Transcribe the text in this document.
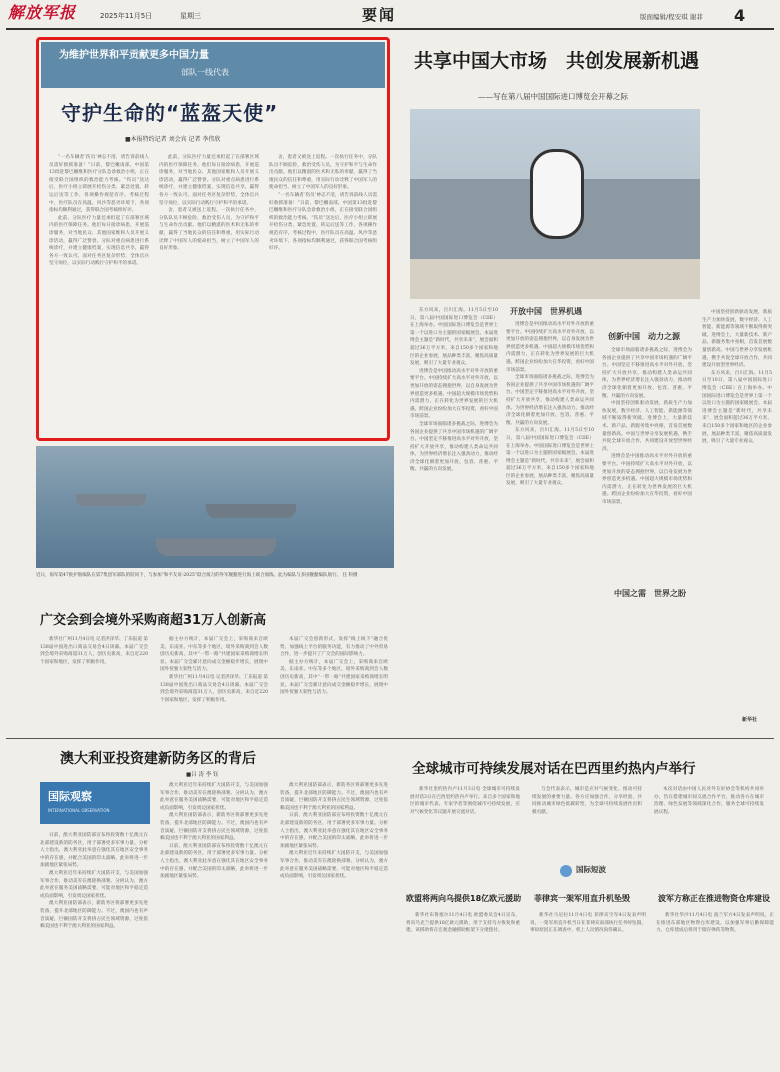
解放军报	2025年11月5日	星期三	要闻	版面编辑/程安琪 谢菲 4
为维护世界和平贡献更多中国力量
部队一线代表
守护生命的“蓝盔天使”
■本报特约记者 刘会宾 记者 李伟欣

“一名车辆者‘伤员’神志不清，请告诉前线人员需好救援准备！”日前，黎巴嫩南部，中国第13批赴黎巴嫩维和医疗分队急诊救治小组，正在接受联合国组织的救治能力考核。“伤员”送达后，医疗小组立即展开检伤分类、紧急处置、转运后送等工作，各项操作规范有序。考核过程中，医疗队员在高温、风沙等恶劣环境下，各项指标均顺利通过，获得联合国考核组好评。

此前，分队医疗力量还承担起了在部署区域内的医疗保障任务。他们每日接诊病患，开展巡诊服务，对当地民众、其他国家维和人员开展义诊活动，赢得广泛赞誉。分队对重点病患进行系统诊疗，并建立健康档案，实现信息共享，赢得各方一致认可。面对任务区复杂形势，全体官兵坚守岗位，以实际行动践行守护和平的承诺。

此前，分队医疗力量还承担起了在部署区域内的医疗保障任务。他们每日接诊病患，开展巡诊服务，对当地民众、其他国家维和人员开展义诊活动，赢得广泛赞誉。分队对重点病患进行系统诊疗，并建立健康档案，实现信息共享，赢得各方一致认可。面对任务区复杂形势，全体官兵坚守岗位，以实际行动践行守护和平的承诺。

舍，患者又被送上返程。一次执行任务中，分队队员不顾危险，救治受伤人员，为守护和平与生命作出贡献。他们以精湛的医术和无私的奉献，赢得了当地民众的信任和尊重，用实际行动诠释了中国军人的使命担当，树立了中国军人的良好形象。

舍，患者又被送上返程。一次执行任务中，分队队员不顾危险，救治受伤人员，为守护和平与生命作出贡献。他们以精湛的医术和无私的奉献，赢得了当地民众的信任和尊重，用实际行动诠释了中国军人的使命担当，树立了中国军人的良好形象。

“一名车辆者‘伤员’神志不清，请告诉前线人员需好救援准备！”日前，黎巴嫩南部，中国第13批赴黎巴嫩维和医疗分队急诊救治小组，正在接受联合国组织的救治能力考核。“伤员”送达后，医疗小组立即展开检伤分类、紧急处置、转运后送等工作，各项操作规范有序。考核过程中，医疗队员在高温、风沙等恶劣环境下，各项指标均顺利通过，获得联合国考核组好评。

共享中国大市场　共创发展新机遇
——写在第八届中国国际进口博览会开幕之际

东方风来，百川汇海。11月5日至10日，第八届中国国际进口博览会（CIIE）在上海举办。中国国际进口博览会是世界上第一个以进口为主题的国家级展会。本届进博会主题是“新时代，共享未来”，展会面积超过36万平方米，来自150多个国家和地区的企业参展，展品种类丰富，聚焦高质量发展，吸引了大量专业观众。

进博会是中国推动高水平对外开放的重要平台。中国持续扩大高水平对外开放，以更加开放的姿态拥抱世界，以自身发展为世界创造更多机遇。中国超大规模市场优势和内需潜力，正在转化为世界发展的巨大机遇。跨国企业纷纷加大在华投资，看好中国市场前景。

全球市场面临诸多挑战之际，进博会为各国企业提供了共享中国市场机遇的广阔平台。中国坚定不移推进高水平对外开放，坚持扩大开放共享，推动构建人类命运共同体，为世界经济增长注入强劲动力，推动经济全球化朝着更加开放、包容、普惠、平衡、共赢的方向发展。

开放中国　世界机遇

进博会是中国推动高水平对外开放的重要平台。中国持续扩大高水平对外开放，以更加开放的姿态拥抱世界，以自身发展为世界创造更多机遇。中国超大规模市场优势和内需潜力，正在转化为世界发展的巨大机遇。跨国企业纷纷加大在华投资，看好中国市场前景。

全球市场面临诸多挑战之际，进博会为各国企业提供了共享中国市场机遇的广阔平台。中国坚定不移推进高水平对外开放，坚持扩大开放共享，推动构建人类命运共同体，为世界经济增长注入强劲动力，推动经济全球化朝着更加开放、包容、普惠、平衡、共赢的方向发展。

东方风来，百川汇海。11月5日至10日，第八届中国国际进口博览会（CIIE）在上海举办。中国国际进口博览会是世界上第一个以进口为主题的国家级展会。本届进博会主题是“新时代，共享未来”，展会面积超过36万平方米，来自150多个国家和地区的企业参展，展品种类丰富，聚焦高质量发展，吸引了大量专业观众。

创新中国　动力之源

全球市场面临诸多挑战之际，进博会为各国企业提供了共享中国市场机遇的广阔平台。中国坚定不移推进高水平对外开放，坚持扩大开放共享，推动构建人类命运共同体，为世界经济增长注入强劲动力，推动经济全球化朝着更加开放、包容、普惠、平衡、共赢的方向发展。

中国坚持创新驱动发展，新质生产力加快发展，数字经济、人工智能、新能源等领域不断取得新突破。进博会上，大量新技术、新产品、新服务集中亮相，首发首展数量创新高。中国与世界分享发展机遇，携手共促全球开放合作，共同建设开放型世界经济。

进博会是中国推动高水平对外开放的重要平台。中国持续扩大高水平对外开放，以更加开放的姿态拥抱世界，以自身发展为世界创造更多机遇。中国超大规模市场优势和内需潜力，正在转化为世界发展的巨大机遇。跨国企业纷纷加大在华投资，看好中国市场前景。

中国之需　世界之盼

中国坚持创新驱动发展，新质生产力加快发展，数字经济、人工智能、新能源等领域不断取得新突破。进博会上，大量新技术、新产品、新服务集中亮相，首发首展数量创新高。中国与世界分享发展机遇，携手共促全球开放合作，共同建设开放型世界经济。

东方风来，百川汇海。11月5日至10日，第八届中国国际进口博览会（CIIE）在上海举办。中国国际进口博览会是世界上第一个以进口为主题的国家级展会。本届进博会主题是“新时代，共享未来”，展会面积超过36万平方米，来自150多个国家和地区的企业参展，展品种类丰富，聚焦高质量发展，吸引了大量专业观众。

新华社
近日，海军第47批护航编队在第7集团军部队的陪同下，与参加“和平友谊-2025”联合演习的外军舰艇进行海上联合演练。此为编队与多国舰艇编队航行。 任 科摄
广交会到会境外采购商超31万人创新高

新华社广州11月4日电 记者洪泽华、丁乐报道 第138届中国进出口商品交易会4日闭幕。本届广交会到会境外采购商超31万人，创历史新高，来自近220个国家和地区，发挥了积极作用。

据主办方统计，本届广交会上，采购商来自欧美、东南亚、中东等多个地区，境外采购商到会人数创历史新高，其中“一带一路”共建国家采购商增长明显。本届广交会累计意向成交金额稳步增长，展现中国外贸强大韧性与活力。

新华社广州11月4日电 记者洪泽华、丁乐报道 第138届中国进出口商品交易会4日闭幕。本届广交会到会境外采购商超31万人，创历史新高，来自近220个国家和地区，发挥了积极作用。

本届广交会创新形式，发挥“线上线下”融合优势，加强线上平台的服务功能，有力推动了中外贸易合作，进一步提升了广交会的国际影响力。

据主办方统计，本届广交会上，采购商来自欧美、东南亚、中东等多个地区，境外采购商到会人数创历史新高，其中“一带一路”共建国家采购商增长明显。本届广交会累计意向成交金额稳步增长，展现中国外贸强大韧性与活力。

澳大利亚投资建新防务区的背后
■吕 涛 李 钰
国际观察
INTERNATIONAL OBSERVATION

日前，澳大利亚国防部宣布将投资数十亿澳元在北部建设新的防务区，用于部署更多军事力量。分析人士指出，澳大利亚此举意在强化其在地区安全事务中的存在感，并配合美国的印太战略，此举将进一步加剧地区紧张局势。

澳大利亚近年来持续扩大国防开支，与美国加强军事合作，推动美军在澳轮换部署。分析认为，澳方此举意在服务美国战略需要，可能对地区和平稳定造成负面影响，引发周边国家担忧。

澳大利亚国防部表示，新防务区将部署更多先进装备，提升北部地区防御能力。不过，澳国内也有声音质疑，巨额国防开支将挤占民生领域资源，过度依赖美国也不利于澳大利亚的国家利益。

澳大利亚近年来持续扩大国防开支，与美国加强军事合作，推动美军在澳轮换部署。分析认为，澳方此举意在服务美国战略需要，可能对地区和平稳定造成负面影响，引发周边国家担忧。

澳大利亚国防部表示，新防务区将部署更多先进装备，提升北部地区防御能力。不过，澳国内也有声音质疑，巨额国防开支将挤占民生领域资源，过度依赖美国也不利于澳大利亚的国家利益。

日前，澳大利亚国防部宣布将投资数十亿澳元在北部建设新的防务区，用于部署更多军事力量。分析人士指出，澳大利亚此举意在强化其在地区安全事务中的存在感，并配合美国的印太战略，此举将进一步加剧地区紧张局势。

澳大利亚国防部表示，新防务区将部署更多先进装备，提升北部地区防御能力。不过，澳国内也有声音质疑，巨额国防开支将挤占民生领域资源，过度依赖美国也不利于澳大利亚的国家利益。

日前，澳大利亚国防部宣布将投资数十亿澳元在北部建设新的防务区，用于部署更多军事力量。分析人士指出，澳大利亚此举意在强化其在地区安全事务中的存在感，并配合美国的印太战略，此举将进一步加剧地区紧张局势。

澳大利亚近年来持续扩大国防开支，与美国加强军事合作，推动美军在澳轮换部署。分析认为，澳方此举意在服务美国战略需要，可能对地区和平稳定造成负面影响，引发周边国家担忧。

全球城市可持续发展对话在巴西里约热内卢举行

新华社里约热内卢11月3日电 全球城市可持续发展对话3日在巴西里约热内卢举行。来自多个国家和地区的城市代表、专家学者等围绕城市可持续发展、应对气候变化等议题开展交流对话。

与会代表表示，城市是应对气候变化、推动可持续发展的重要力量。各方应加强合作，分享经验，共同推动城市绿色低碳转型，为全球可持续发展作出积极贡献。

本次对话由中国人民对外友好协会等机构共同举办，旨在搭建城市间交流合作平台，推动各方在城市治理、绿色发展等领域深化合作，服务全球可持续发展议程。

国际短波
欧盟将两向乌提供18亿欧元援助

新华社布鲁塞尔11月4日电 欧盟委员会4日宣布，将向乌克兰提供18亿欧元援助，用于支持乌方恢复和重建。该援助将在宏观金融援助框架下分批拨付。

菲律宾一架军用直升机坠毁

新华社马尼拉11月4日电 菲律宾空军4日发表声明说，一架军用直升机当日在菲律宾南部执行任务时坠毁。事故原因正在调查中，机上人员情况尚待确认。

波军方称正在推进物资仓库建设

新华社华沙11月4日电 波兰军方4日发表声明说，正在推进东部地区物资仓库建设，以加强军事后勤保障能力。仓库建成后将用于储存弹药等物资。
